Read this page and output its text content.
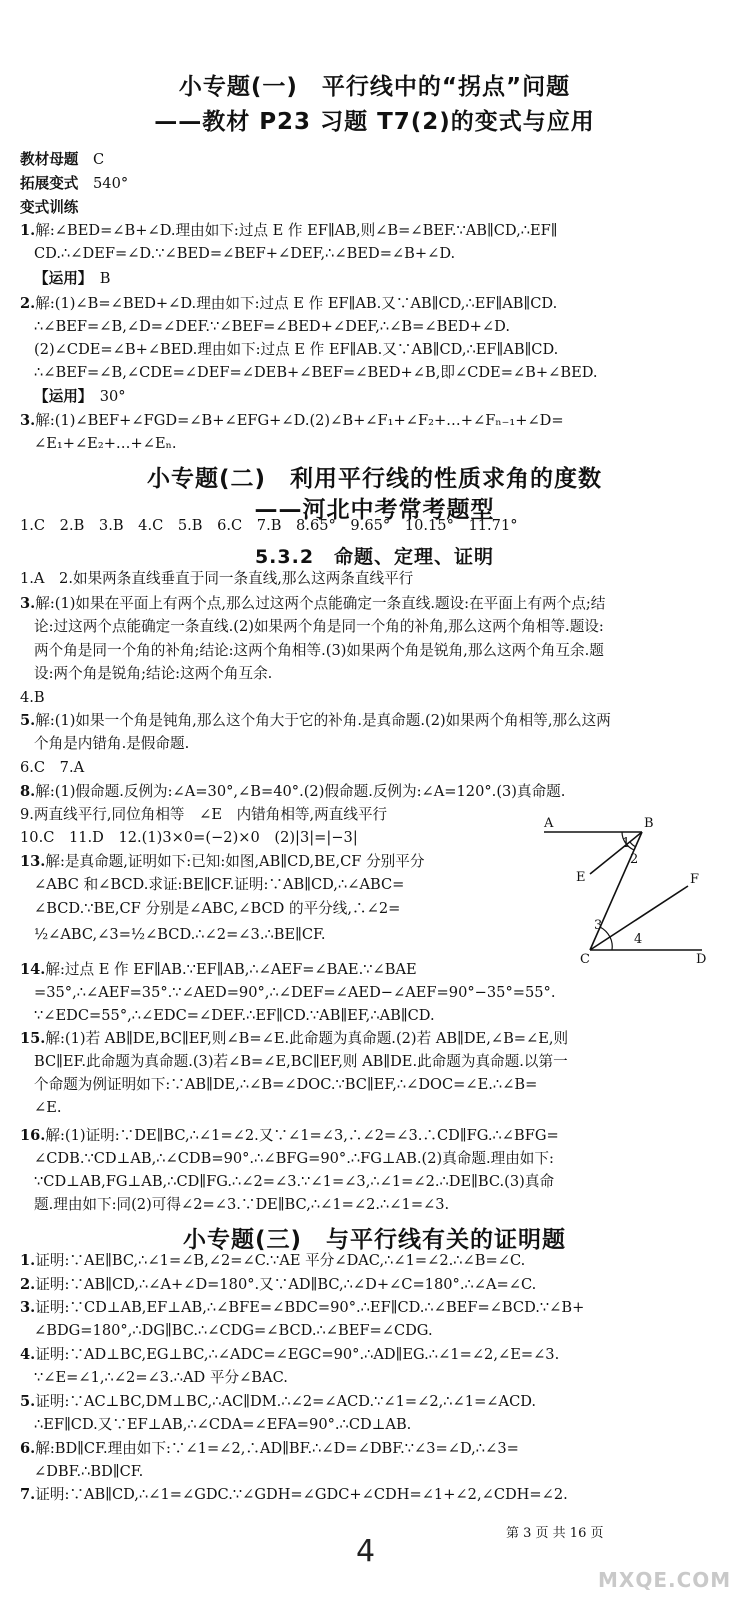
小专题(一)　平行线中的“拐点”问题
——教材 P23 习题 T7(2)的变式与应用
教材母题　 C
拓展变式　 540°
变式训练
1.解:∠BED=∠B+∠D.理由如下:过点 E 作 EF∥AB,则∠B=∠BEF.∵AB∥CD,∴EF∥
CD.∴∠DEF=∠D.∵∠BED=∠BEF+∠DEF,∴∠BED=∠B+∠D.
【运用】　 B
2.解:(1)∠B=∠BED+∠D.理由如下:过点 E 作 EF∥AB.又∵AB∥CD,∴EF∥AB∥CD.
∴∠BEF=∠B,∠D=∠DEF.∵∠BEF=∠BED+∠DEF,∴∠B=∠BED+∠D.
(2)∠CDE=∠B+∠BED.理由如下:过点 E 作 EF∥AB.又∵AB∥CD,∴EF∥AB∥CD.
∴∠BEF=∠B,∠CDE=∠DEF=∠DEB+∠BEF=∠BED+∠B,即∠CDE=∠B+∠BED.
【运用】　 30°
3.解:(1)∠BEF+∠FGD=∠B+∠EFG+∠D.(2)∠B+∠F₁+∠F₂+…+∠Fₙ₋₁+∠D=
∠E₁+∠E₂+…+∠Eₙ.
小专题(二)　利用平行线的性质求角的度数
——河北中考常考题型
1.C　2.B　3.B　4.C　5.B　6.C　7.B　8.65°　9.65°　10.15°　11.71°
5.3.2　命题、定理、证明
1.A　2.如果两条直线垂直于同一条直线,那么这两条直线平行
3.解:(1)如果在平面上有两个点,那么过这两个点能确定一条直线.题设:在平面上有两个点;结
论:过这两个点能确定一条直线.(2)如果两个角是同一个角的补角,那么这两个角相等.题设:
两个角是同一个角的补角;结论:这两个角相等.(3)如果两个角是锐角,那么这两个角互余.题
设:两个角是锐角;结论:这两个角互余.
4.B
5.解:(1)如果一个角是钝角,那么这个角大于它的补角.是真命题.(2)如果两个角相等,那么这两
个角是内错角.是假命题.
6.C　7.A
8.解:(1)假命题.反例为:∠A=30°,∠B=40°.(2)假命题.反例为:∠A=120°.(3)真命题.
9.两直线平行,同位角相等　∠E　内错角相等,两直线平行
10.C　11.D　12.(1)3×0=(−2)×0　(2)|3|=|−3|
13.解:是真命题,证明如下:已知:如图,AB∥CD,BE,CF 分别平分
∠ABC 和∠BCD.求证:BE∥CF.证明:∵AB∥CD,∴∠ABC=
∠BCD.∵BE,CF 分别是∠ABC,∠BCD 的平分线,∴∠2=
½∠ABC,∠3=½∠BCD.∴∠2=∠3.∴BE∥CF.
14.解:过点 E 作 EF∥AB.∵EF∥AB,∴∠AEF=∠BAE.∵∠BAE
=35°,∴∠AEF=35°.∵∠AED=90°,∴∠DEF=∠AED−∠AEF=90°−35°=55°.
∵∠EDC=55°,∴∠EDC=∠DEF.∴EF∥CD.∵AB∥EF,∴AB∥CD.
15.解:(1)若 AB∥DE,BC∥EF,则∠B=∠E.此命题为真命题.(2)若 AB∥DE,∠B=∠E,则
BC∥EF.此命题为真命题.(3)若∠B=∠E,BC∥EF,则 AB∥DE.此命题为真命题.以第一
个命题为例证明如下:∵AB∥DE,∴∠B=∠DOC.∵BC∥EF,∴∠DOC=∠E.∴∠B=
∠E.
16.解:(1)证明:∵DE∥BC,∴∠1=∠2.又∵∠1=∠3,∴∠2=∠3.∴CD∥FG.∴∠BFG=
∠CDB.∵CD⊥AB,∴∠CDB=90°.∴∠BFG=90°.∴FG⊥AB.(2)真命题.理由如下:
∵CD⊥AB,FG⊥AB,∴CD∥FG.∴∠2=∠3.∵∠1=∠3,∴∠1=∠2.∴DE∥BC.(3)真命
题.理由如下:同(2)可得∠2=∠3.∵DE∥BC,∴∠1=∠2.∴∠1=∠3.
小专题(三)　与平行线有关的证明题
1.证明:∵AE∥BC,∴∠1=∠B,∠2=∠C.∵AE 平分∠DAC,∴∠1=∠2.∴∠B=∠C.
2.证明:∵AB∥CD,∴∠A+∠D=180°.又∵AD∥BC,∴∠D+∠C=180°.∴∠A=∠C.
3.证明:∵CD⊥AB,EF⊥AB,∴∠BFE=∠BDC=90°.∴EF∥CD.∴∠BEF=∠BCD.∵∠B+
∠BDG=180°,∴DG∥BC.∴∠CDG=∠BCD.∴∠BEF=∠CDG.
4.证明:∵AD⊥BC,EG⊥BC,∴∠ADC=∠EGC=90°.∴AD∥EG.∴∠1=∠2,∠E=∠3.
∵∠E=∠1,∴∠2=∠3.∴AD 平分∠BAC.
5.证明:∵AC⊥BC,DM⊥BC,∴AC∥DM.∴∠2=∠ACD.∵∠1=∠2,∴∠1=∠ACD.
∴EF∥CD.又∵EF⊥AB,∴∠CDA=∠EFA=90°.∴CD⊥AB.
6.解:BD∥CF.理由如下:∵∠1=∠2,∴AD∥BF.∴∠D=∠DBF.∵∠3=∠D,∴∠3=
∠DBF.∴BD∥CF.
7.证明:∵AB∥CD,∴∠1=∠GDC.∵∠GDH=∠GDC+∠CDH=∠1+∠2,∠CDH=∠2.
A	B
C	D
E	F
1
2
3
4
4
第 3 页 共 16 页
MXQE.COM
